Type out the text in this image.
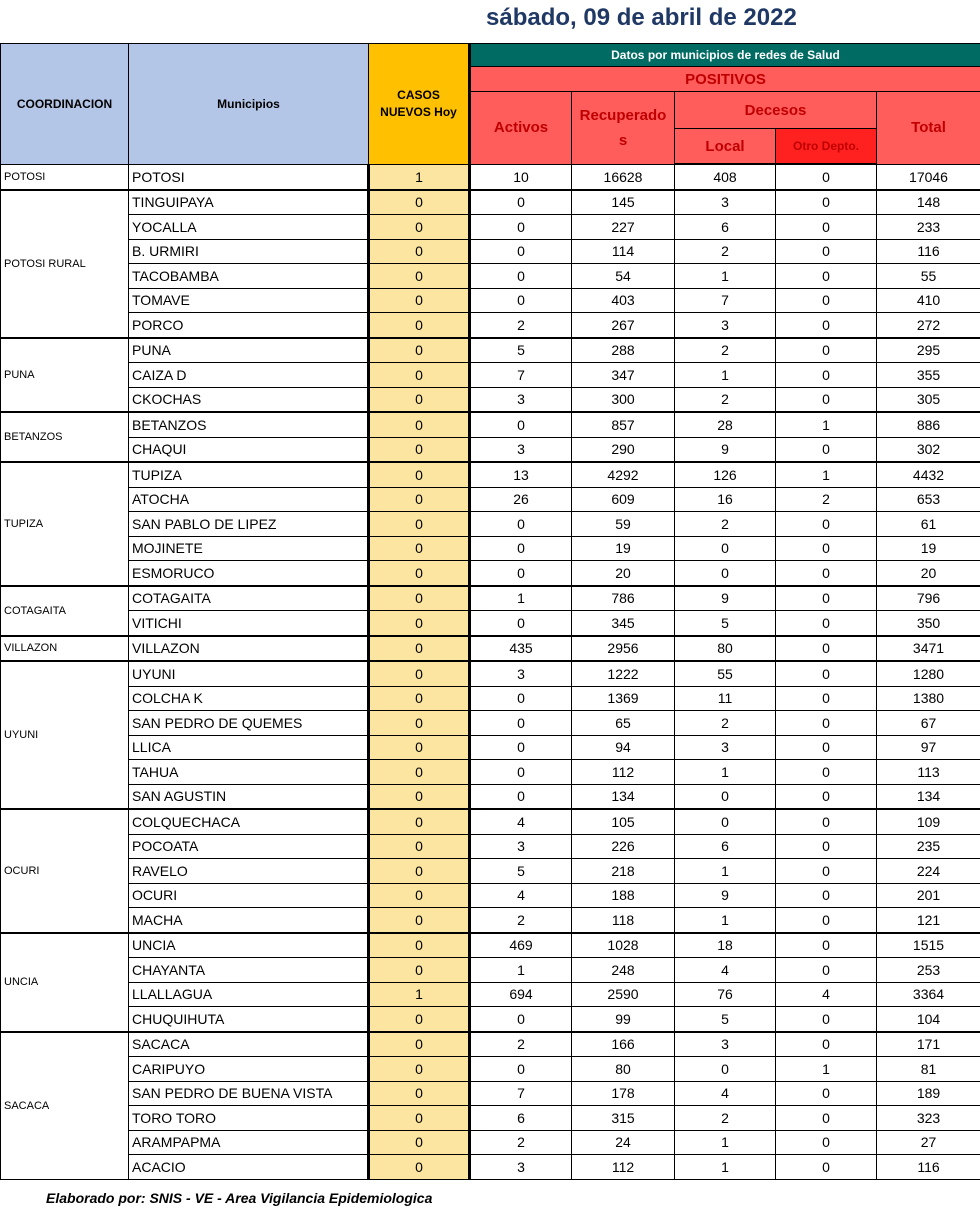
sábado, 09 de abril de 2022
COORDINACION	Municipios	CASOS
NUEVOS Hoy	Datos por municipios de redes de Salud				
			POSITIVOS				
			Activos	Recuperado
s	Decesos		Total
					Local	Otro Depto.	
POTOSI	POTOSI	1	10	16628	408	0	17046
POTOSI RURAL	TINGUIPAYA	0	0	145	3	0	148
	YOCALLA	0	0	227	6	0	233
	B. URMIRI	0	0	114	2	0	116
	TACOBAMBA	0	0	54	1	0	55
	TOMAVE	0	0	403	7	0	410
	PORCO	0	2	267	3	0	272
PUNA	PUNA	0	5	288	2	0	295
	CAIZA D	0	7	347	1	0	355
	CKOCHAS	0	3	300	2	0	305
BETANZOS	BETANZOS	0	0	857	28	1	886
	CHAQUI	0	3	290	9	0	302
TUPIZA	TUPIZA	0	13	4292	126	1	4432
	ATOCHA	0	26	609	16	2	653
	SAN PABLO DE LIPEZ	0	0	59	2	0	61
	MOJINETE	0	0	19	0	0	19
	ESMORUCO	0	0	20	0	0	20
COTAGAITA	COTAGAITA	0	1	786	9	0	796
	VITICHI	0	0	345	5	0	350
VILLAZON	VILLAZON	0	435	2956	80	0	3471
UYUNI	UYUNI	0	3	1222	55	0	1280
	COLCHA K	0	0	1369	11	0	1380
	SAN PEDRO DE QUEMES	0	0	65	2	0	67
	LLICA	0	0	94	3	0	97
	TAHUA	0	0	112	1	0	113
	SAN AGUSTIN	0	0	134	0	0	134
OCURI	COLQUECHACA	0	4	105	0	0	109
	POCOATA	0	3	226	6	0	235
	RAVELO	0	5	218	1	0	224
	OCURI	0	4	188	9	0	201
	MACHA	0	2	118	1	0	121
UNCIA	UNCIA	0	469	1028	18	0	1515
	CHAYANTA	0	1	248	4	0	253
	LLALLAGUA	1	694	2590	76	4	3364
	CHUQUIHUTA	0	0	99	5	0	104
SACACA	SACACA	0	2	166	3	0	171
	CARIPUYO	0	0	80	0	1	81
	SAN PEDRO DE BUENA VISTA	0	7	178	4	0	189
	TORO TORO	0	6	315	2	0	323
	ARAMPAPMA	0	2	24	1	0	27
	ACACIO	0	3	112	1	0	116
Elaborado por: SNIS - VE - Area Vigilancia Epidemiologica
